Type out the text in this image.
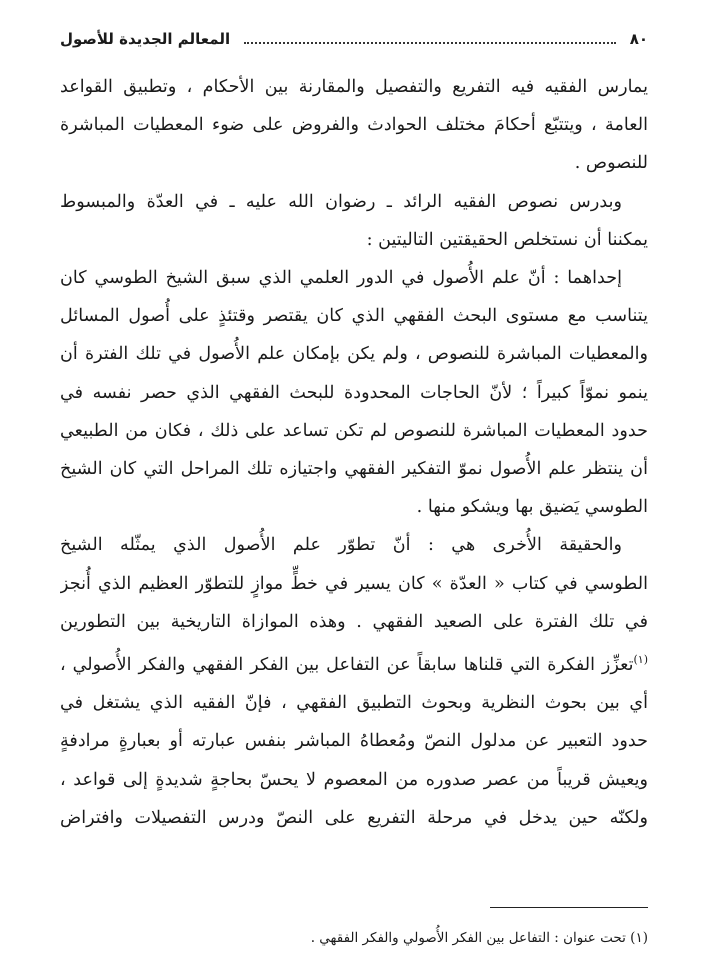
٨٠
المعالم الجديدة للأصول
يمارس الفقيه فيه التفريع والتفصيل والمقارنة بين الأحكام ، وتطبيق القواعد
العامة ، ويتتبّع أحكامَ مختلف الحوادث والفروض على ضوء المعطيات المباشرة
للنصوص .
وبدرس نصوص الفقيه الرائد ـ رضوان الله عليه ـ في العدّة والمبسوط
يمكننا أن نستخلص الحقيقتين التاليتين :
إحداهما : أنّ علم الأُصول في الدور العلمي الذي سبق الشيخ الطوسي كان
يتناسب مع مستوى البحث الفقهي الذي كان يقتصر وقتئذٍ على أُصول المسائل
والمعطيات المباشرة للنصوص ، ولم يكن بإمكان علم الأُصول في تلك الفترة أن
ينمو نموّاً كبيراً ؛ لأنّ الحاجات المحدودة للبحث الفقهي الذي حصر نفسه في
حدود المعطيات المباشرة للنصوص لم تكن تساعد على ذلك ، فكان من الطبيعي
أن ينتظر علم الأُصول نموّ التفكير الفقهي واجتيازه تلك المراحل التي كان الشيخ
الطوسي يَضيق بها ويشكو منها .
والحقيقة الأُخرى هي : أنّ تطوّر علم الأُصول الذي يمثّله الشيخ
الطوسي في كتاب « العدّة » كان يسير في خطٍّ موازٍ للتطوّر العظيم الذي أُنجز
في تلك الفترة على الصعيد الفقهي . وهذه الموازاة التاريخية بين التطورين
$^{(١)}$تعزِّز الفكرة التي قلناها سابقاً عن التفاعل بين الفكر الفقهي والفكر الأُصولي ،
أي بين بحوث النظرية وبحوث التطبيق الفقهي ، فإنّ الفقيه الذي يشتغل في
حدود التعبير عن مدلول النصّ ومُعطاهُ المباشر بنفس عبارته أو بعبارةٍ مرادفةٍ
ويعيش قريباً من عصر صدوره من المعصوم لا يحسّ بحاجةٍ شديدةٍ إلى قواعد ،
ولكنّه حين يدخل في مرحلة التفريع على النصّ ودرس التفصيلات وافتراض
(١) تحت عنوان : التفاعل بين الفكر الأُصولي والفكر الفقهي .
